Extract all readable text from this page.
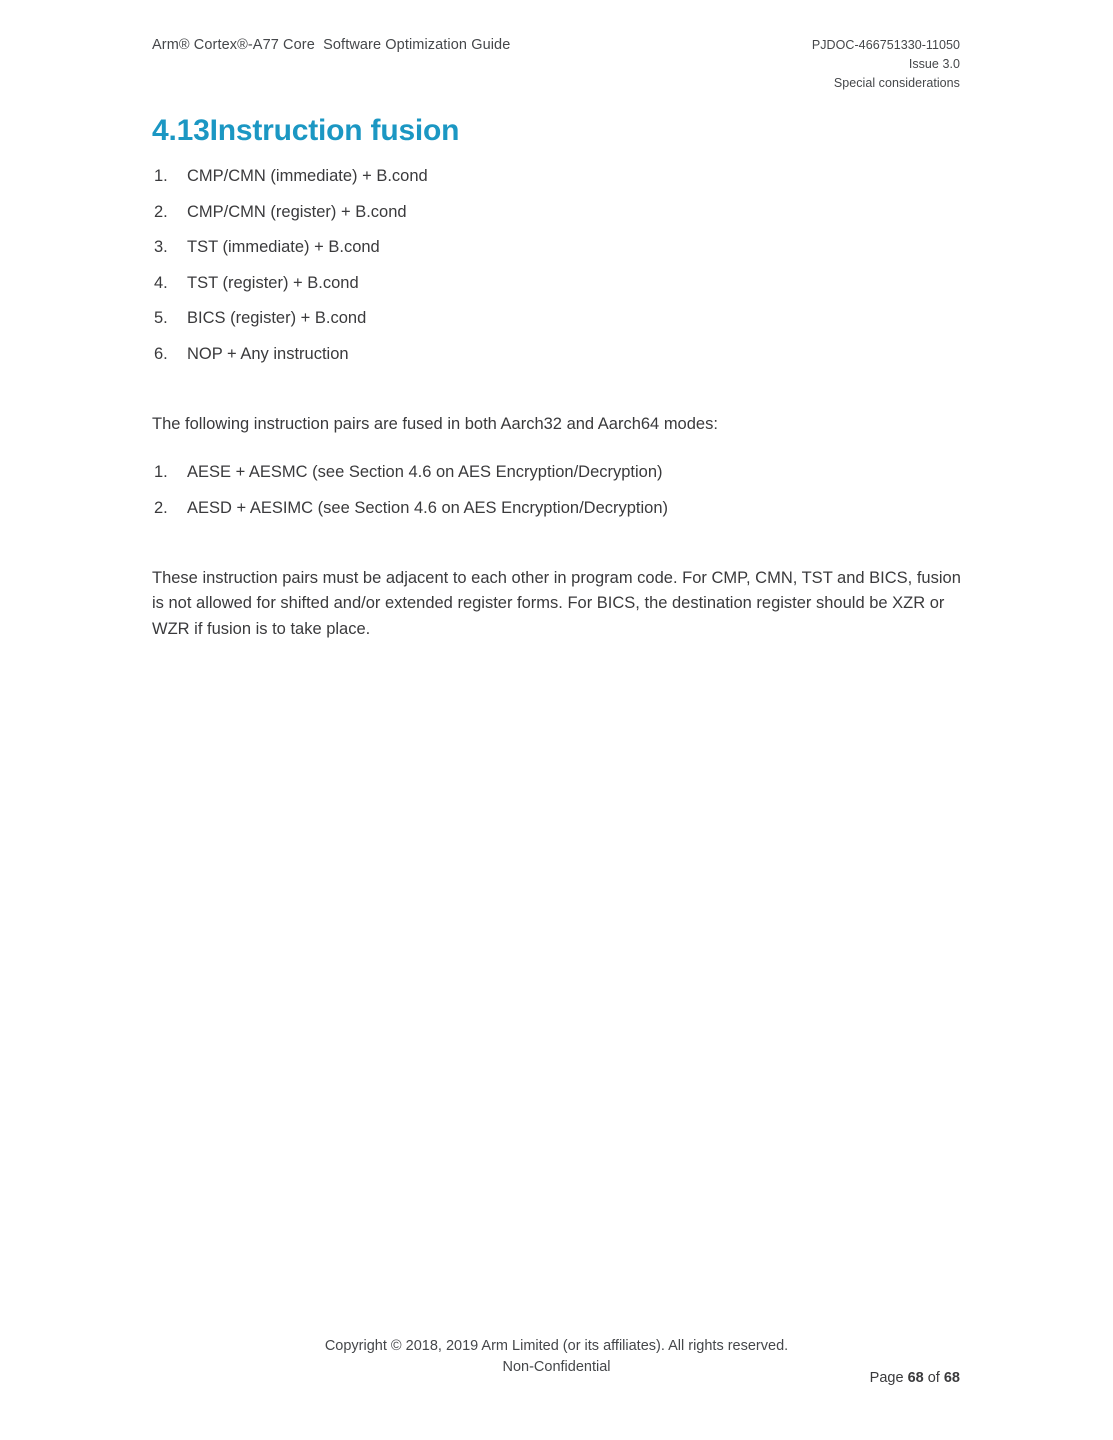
Arm® Cortex®-A77 Core  Software Optimization Guide	PJDOC-466751330-11050
Issue 3.0
Special considerations
4.13 Instruction fusion
1.	CMP/CMN (immediate) + B.cond
2.	CMP/CMN (register) + B.cond
3.	TST (immediate) + B.cond
4.	TST (register) + B.cond
5.	BICS (register) + B.cond
6.	NOP + Any instruction

The following instruction pairs are fused in both Aarch32 and Aarch64 modes:

1.	AESE + AESMC (see Section 4.6 on AES Encryption/Decryption)
2.	AESD + AESIMC (see Section 4.6 on AES Encryption/Decryption)

These instruction pairs must be adjacent to each other in program code. For CMP, CMN, TST and BICS, fusion is not allowed for shifted and/or extended register forms. For BICS, the destination register should be XZR or WZR if fusion is to take place.

Copyright © 2018, 2019 Arm Limited (or its affiliates). All rights reserved.
Non-Confidential
Page 68 of 68
